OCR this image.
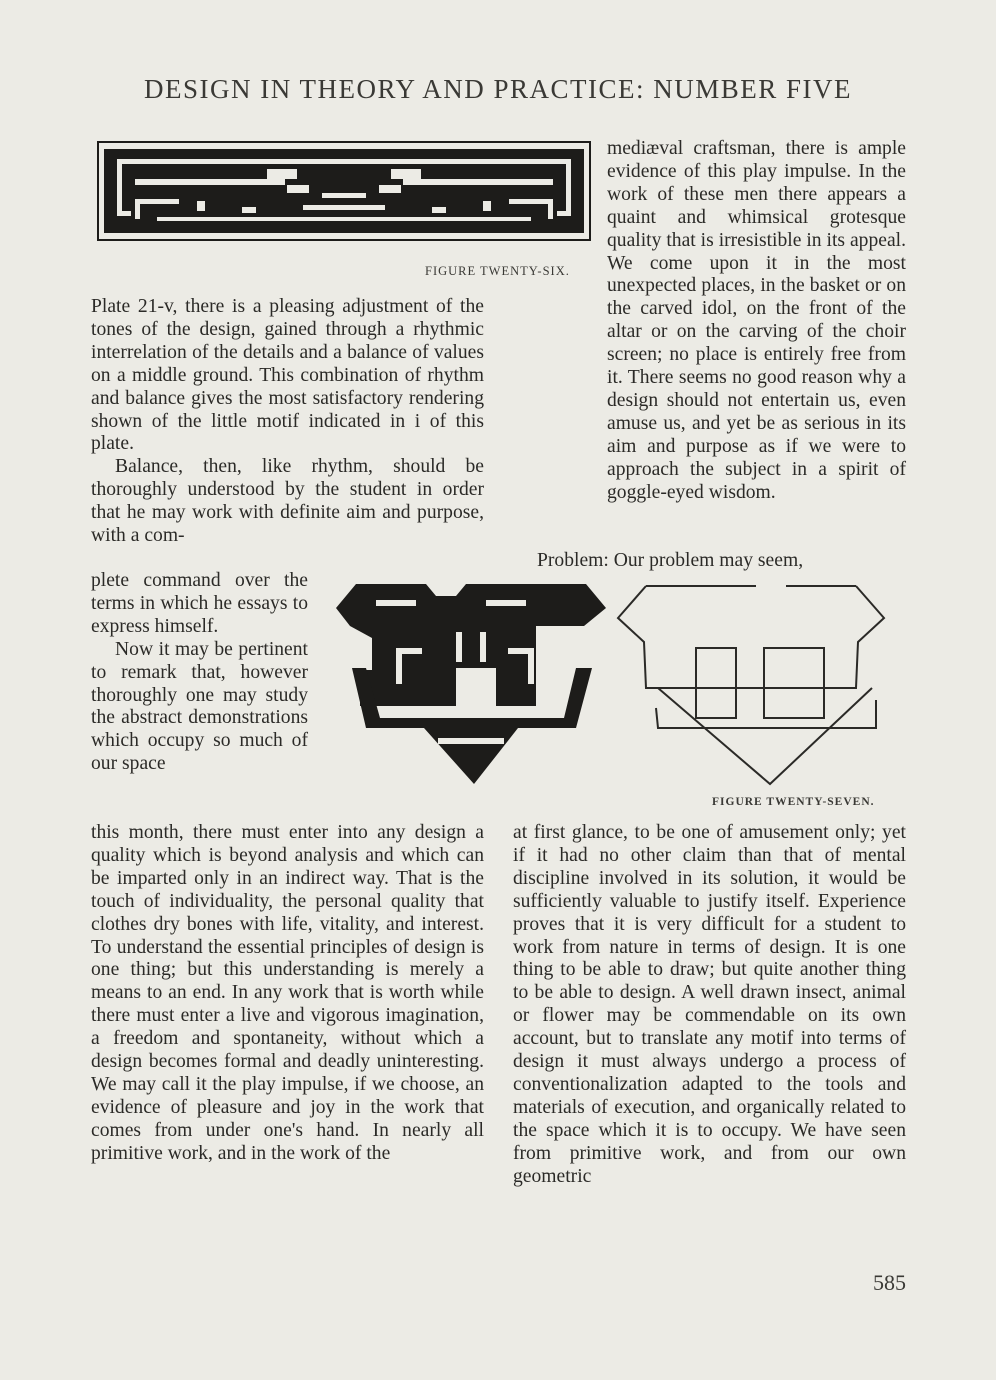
DESIGN IN THEORY AND PRACTICE: NUMBER FIVE
FIGURE TWENTY-SIX.

mediæval craftsman, there is ample evidence of this play impulse. In the work of these men there appears a quaint and whimsical grotesque quality that is irresistible in its appeal. We come upon it in the most unexpected places, in the basket or on the carved idol, on the front of the altar or on the carving of the choir screen; no place is entirely free from it. There seems no good reason why a design should not entertain us, even amuse us, and yet be as serious in its aim and purpose as if we were to approach the subject in a spirit of goggle-eyed wisdom.

Plate 21-v, there is a pleasing adjustment of the tones of the design, gained through a rhythmic interrelation of the details and a balance of values on a middle ground. This combination of rhythm and balance gives the most satisfactory rendering shown of the little motif indicated in i of this plate.

Balance, then, like rhythm, should be thoroughly understood by the student in order that he may work with definite aim and purpose, with a com-

plete command over the terms in which he essays to express himself.

Now it may be pertinent to remark that, however thoroughly one may study the abstract demonstrations which occupy so much of our space

FIGURE TWENTY-SEVEN.

Problem: Our problem may seem,

this month, there must enter into any design a quality which is beyond analysis and which can be imparted only in an indirect way. That is the touch of individuality, the personal quality that clothes dry bones with life, vitality, and interest. To understand the essential principles of design is one thing; but this understanding is merely a means to an end. In any work that is worth while there must enter a live and vigorous imagination, a freedom and spontaneity, without which a design becomes formal and deadly uninteresting. We may call it the play impulse, if we choose, an evidence of pleasure and joy in the work that comes from under one's hand. In nearly all primitive work, and in the work of the

at first glance, to be one of amusement only; yet if it had no other claim than that of mental discipline involved in its solution, it would be sufficiently valuable to justify itself. Experience proves that it is very difficult for a student to work from nature in terms of design. It is one thing to be able to draw; but quite another thing to be able to design. A well drawn insect, animal or flower may be commendable on its own account, but to translate any motif into terms of design it must always undergo a process of conventionalization adapted to the tools and materials of execution, and organically related to the space which it is to occupy. We have seen from primitive work, and from our own geometric

585
